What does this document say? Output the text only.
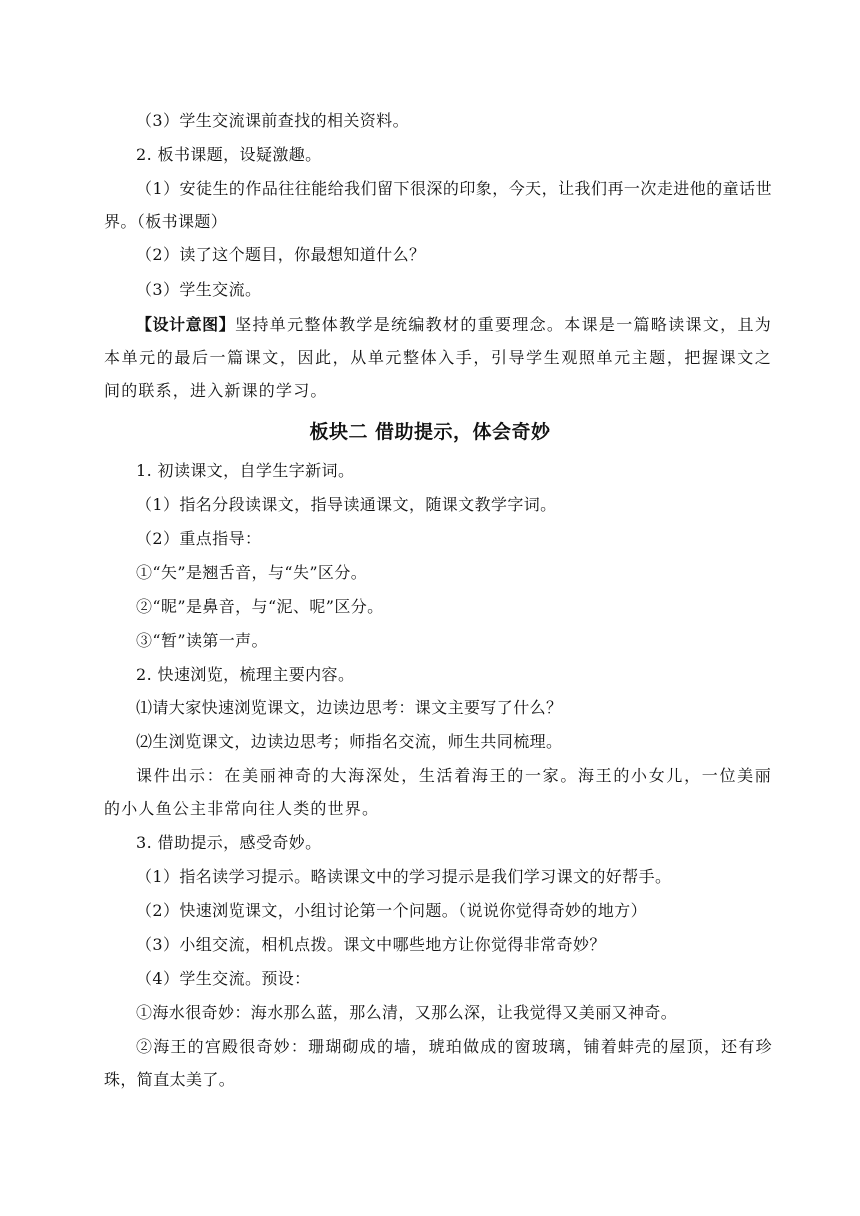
（3）学生交流课前查找的相关资料。
2. 板书课题，设疑激趣。
（1）安徒生的作品往往能给我们留下很深的印象，今天，让我们再一次走进他的童话世界。（板书课题）
（2）读了这个题目，你最想知道什么？
（3）学生交流。
【设计意图】坚持单元整体教学是统编教材的重要理念。本课是一篇略读课文，且为本单元的最后一篇课文，因此，从单元整体入手，引导学生观照单元主题，把握课文之间的联系，进入新课的学习。
板块二 借助提示，体会奇妙
1. 初读课文，自学生字新词。
（1）指名分段读课文，指导读通课文，随课文教学字词。
（2）重点指导：
①“矢”是翘舌音，与“失”区分。
②“昵”是鼻音，与“泥、呢”区分。
③“暂”读第一声。
2. 快速浏览，梳理主要内容。
⑴请大家快速浏览课文，边读边思考：课文主要写了什么？
⑵生浏览课文，边读边思考；师指名交流，师生共同梳理。
课件出示：在美丽神奇的大海深处，生活着海王的一家。海王的小女儿，一位美丽的小人鱼公主非常向往人类的世界。
3. 借助提示，感受奇妙。
（1）指名读学习提示。略读课文中的学习提示是我们学习课文的好帮手。
（2）快速浏览课文，小组讨论第一个问题。（说说你觉得奇妙的地方）
（3）小组交流，相机点拨。课文中哪些地方让你觉得非常奇妙？
（4）学生交流。预设：
①海水很奇妙：海水那么蓝，那么清，又那么深，让我觉得又美丽又神奇。
②海王的宫殿很奇妙：珊瑚砌成的墙，琥珀做成的窗玻璃，铺着蚌壳的屋顶，还有珍珠，简直太美了。
